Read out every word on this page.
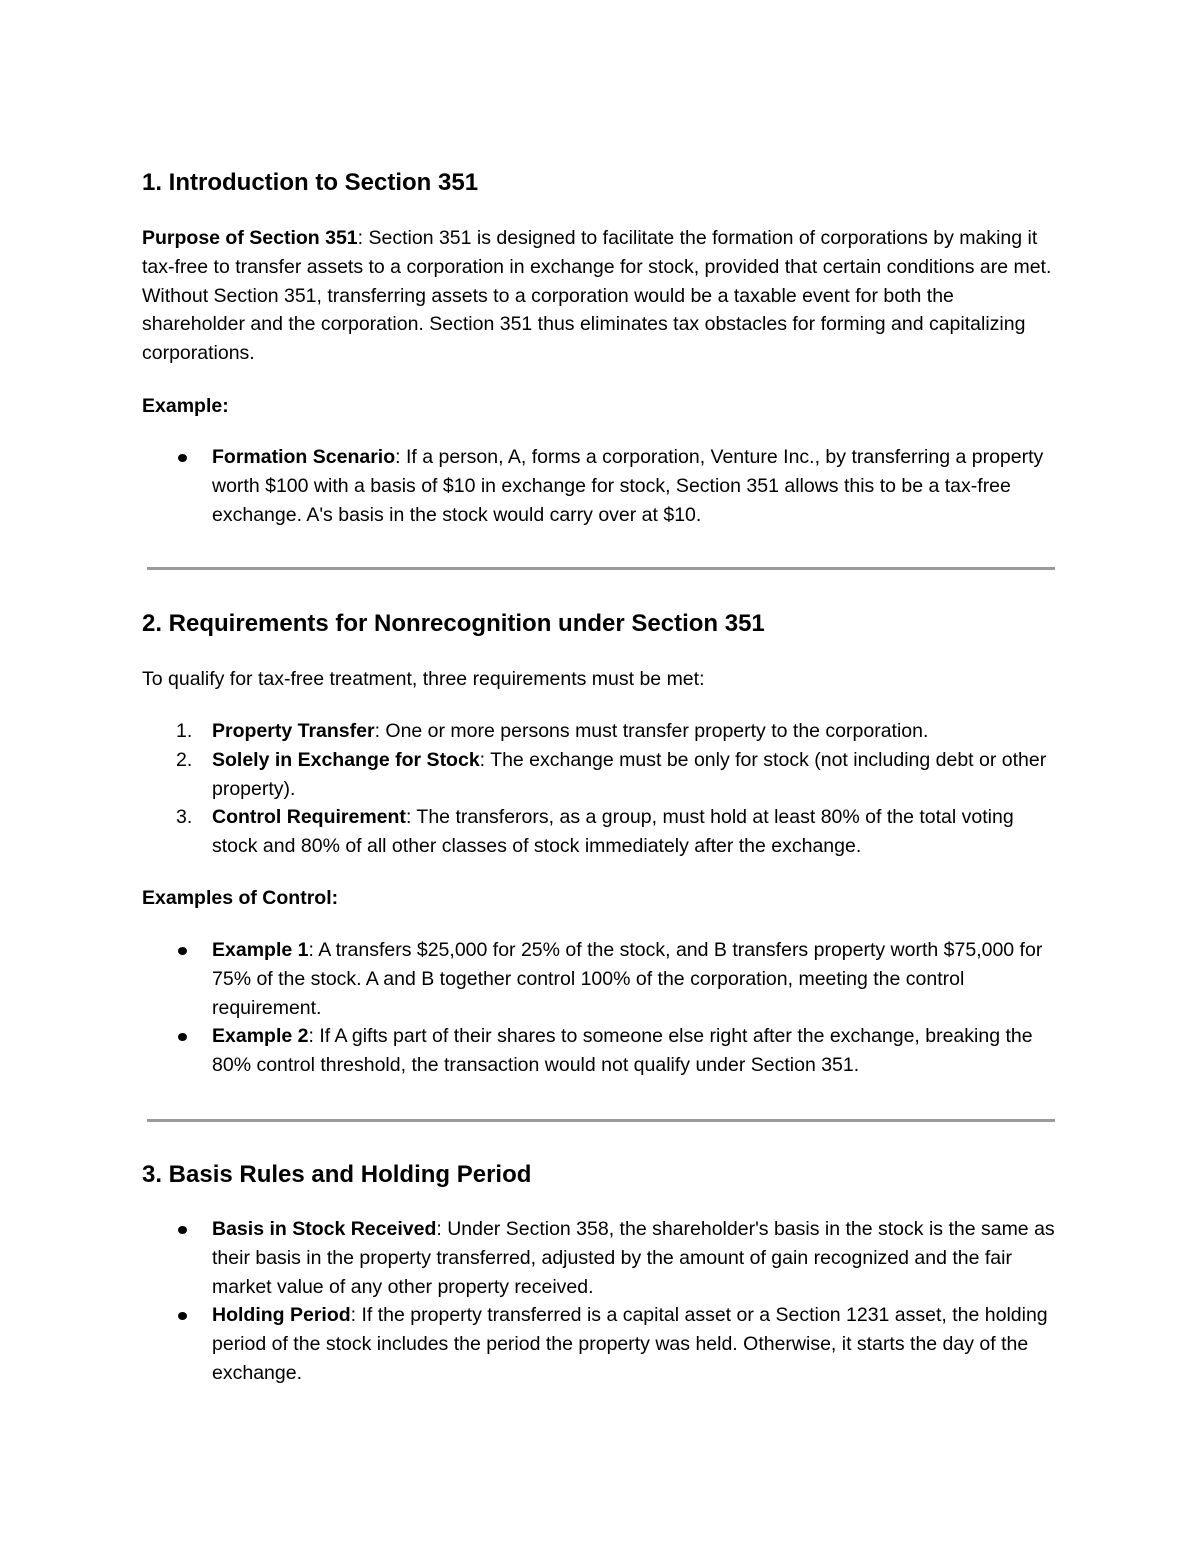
1. Introduction to Section 351

Purpose of Section 351: Section 351 is designed to facilitate the formation of corporations by making it tax-free to transfer assets to a corporation in exchange for stock, provided that certain conditions are met. Without Section 351, transferring assets to a corporation would be a taxable event for both the shareholder and the corporation. Section 351 thus eliminates tax obstacles for forming and capitalizing corporations.

Example:

Formation Scenario: If a person, A, forms a corporation, Venture Inc., by transferring a property worth $100 with a basis of $10 in exchange for stock, Section 351 allows this to be a tax-free exchange. A's basis in the stock would carry over at $10.
2. Requirements for Nonrecognition under Section 351

To qualify for tax-free treatment, three requirements must be met:

1.	Property Transfer: One or more persons must transfer property to the corporation.
2.	Solely in Exchange for Stock: The exchange must be only for stock (not including debt or other property).
3.	Control Requirement: The transferors, as a group, must hold at least 80% of the total voting stock and 80% of all other classes of stock immediately after the exchange.

Examples of Control:

Example 1: A transfers $25,000 for 25% of the stock, and B transfers property worth $75,000 for 75% of the stock. A and B together control 100% of the corporation, meeting the control requirement.
Example 2: If A gifts part of their shares to someone else right after the exchange, breaking the 80% control threshold, the transaction would not qualify under Section 351.
3. Basis Rules and Holding Period
Basis in Stock Received: Under Section 358, the shareholder's basis in the stock is the same as their basis in the property transferred, adjusted by the amount of gain recognized and the fair market value of any other property received.
Holding Period: If the property transferred is a capital asset or a Section 1231 asset, the holding period of the stock includes the period the property was held. Otherwise, it starts the day of the exchange.
